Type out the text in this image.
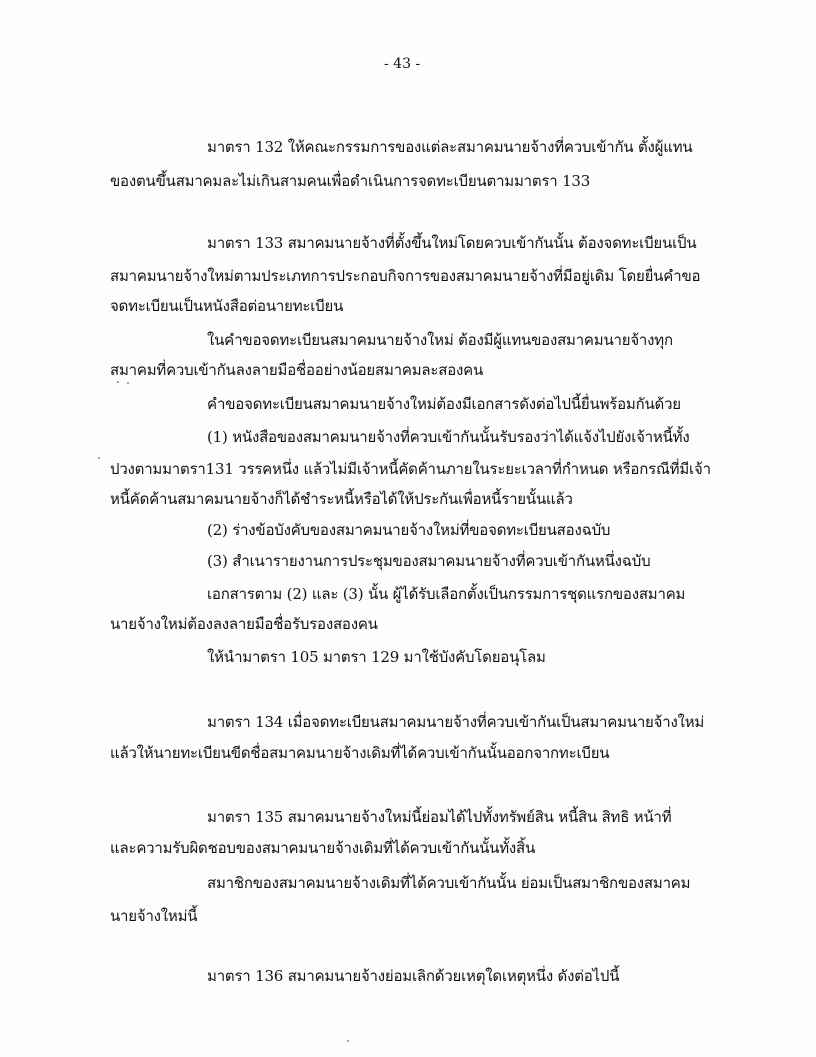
- 43 -
มาตรา 132 ให้คณะกรรมการของแต่ละสมาคมนายจ้างที่ควบเข้ากัน ตั้งผู้แทน
ของตนขึ้นสมาคมละไม่เกินสามคนเพื่อดำเนินการจดทะเบียนตามมาตรา 133
มาตรา 133 สมาคมนายจ้างที่ตั้งขึ้นใหม่โดยควบเข้ากันนั้น ต้องจดทะเบียนเป็น
สมาคมนายจ้างใหม่ตามประเภทการประกอบกิจการของสมาคมนายจ้างที่มีอยู่เดิม โดยยื่นคำขอ
จดทะเบียนเป็นหนังสือต่อนายทะเบียน
ในคำขอจดทะเบียนสมาคมนายจ้างใหม่ ต้องมีผู้แทนของสมาคมนายจ้างทุก
สมาคมที่ควบเข้ากันลงลายมือชื่ออย่างน้อยสมาคมละสองคน
คำขอจดทะเบียนสมาคมนายจ้างใหม่ต้องมีเอกสารดังต่อไปนี้ยื่นพร้อมกันด้วย
(1) หนังสือของสมาคมนายจ้างที่ควบเข้ากันนั้นรับรองว่าได้แจ้งไปยังเจ้าหนี้ทั้ง
ปวงตามมาตรา131 วรรคหนึ่ง แล้วไม่มีเจ้าหนี้คัดค้านภายในระยะเวลาที่กำหนด หรือกรณีที่มีเจ้า
หนี้คัดค้านสมาคมนายจ้างก็ได้ชำระหนี้หรือได้ให้ประกันเพื่อหนี้รายนั้นแล้ว
(2) ร่างข้อบังคับของสมาคมนายจ้างใหม่ที่ขอจดทะเบียนสองฉบับ
(3) สำเนารายงานการประชุมของสมาคมนายจ้างที่ควบเข้ากันหนึ่งฉบับ
เอกสารตาม (2) และ (3) นั้น ผู้ได้รับเลือกตั้งเป็นกรรมการชุดแรกของสมาคม
นายจ้างใหม่ต้องลงลายมือชื่อรับรองสองคน
ให้นำมาตรา 105 มาตรา 129 มาใช้บังคับโดยอนุโลม
มาตรา 134 เมื่อจดทะเบียนสมาคมนายจ้างที่ควบเข้ากันเป็นสมาคมนายจ้างใหม่
แล้วให้นายทะเบียนขีดชื่อสมาคมนายจ้างเดิมที่ได้ควบเข้ากันนั้นออกจากทะเบียน
มาตรา 135 สมาคมนายจ้างใหม่นี้ย่อมได้ไปทั้งทรัพย์สิน หนี้สิน สิทธิ หน้าที่
และความรับผิดชอบของสมาคมนายจ้างเดิมที่ได้ควบเข้ากันนั้นทั้งสิ้น
สมาชิกของสมาคมนายจ้างเดิมที่ได้ควบเข้ากันนั้น ย่อมเป็นสมาชิกของสมาคม
นายจ้างใหม่นี้
มาตรา 136 สมาคมนายจ้างย่อมเลิกด้วยเหตุใดเหตุหนึ่ง ดังต่อไปนี้
